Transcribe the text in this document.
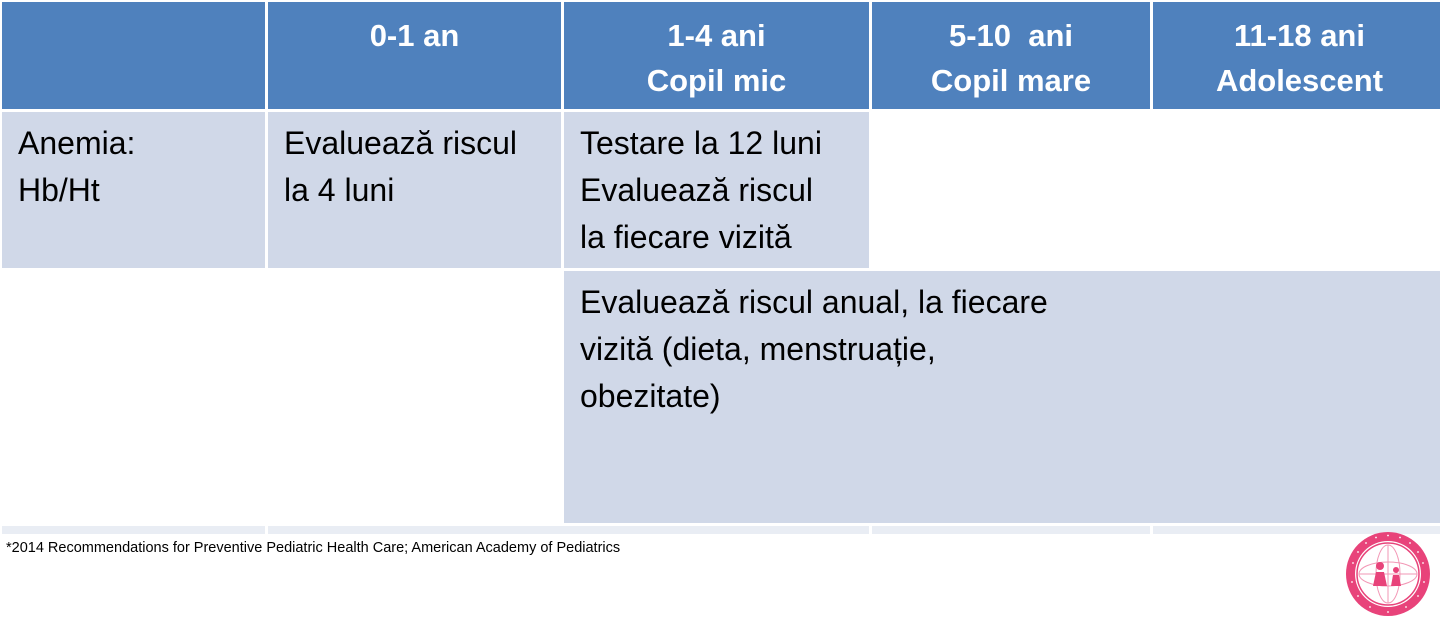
0-1 an	1-4 ani
Copil mic
5-10  ani
Copil mare
11-18 ani
Adolescent
Anemia:
Hb/Ht
Evaluează riscul
la 4 luni
Testare la 12 luni
Evaluează riscul
la fiecare vizită
Evaluează riscul anual, la fiecare
vizită (dieta, menstruație,
obezitate)
*2014 Recommendations for Preventive Pediatric Health Care; American Academy of Pediatrics
